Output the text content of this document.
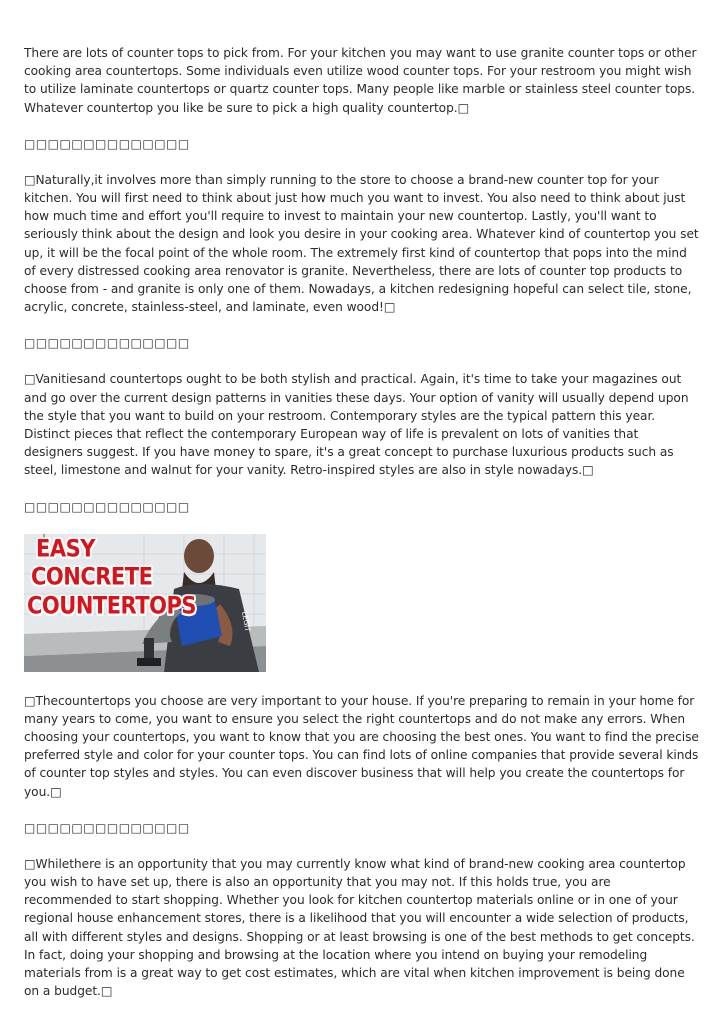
There are lots of counter tops to pick from. For your kitchen you may want to use granite counter tops or other cooking area countertops. Some individuals even utilize wood counter tops. For your restroom you might wish to utilize laminate countertops or quartz counter tops. Many people like marble or stainless steel counter tops. Whatever countertop you like be sure to pick a high quality countertop.□

□□□□□□□□□□□□□□

□Naturally,it involves more than simply running to the store to choose a brand-new counter top for your kitchen. You will first need to think about just how much you want to invest. You also need to think about just how much time and effort you'll require to invest to maintain your new countertop. Lastly, you'll want to seriously think about the design and look you desire in your cooking area. Whatever kind of countertop you set up, it will be the focal point of the whole room. The extremely first kind of countertop that pops into the mind of every distressed cooking area renovator is granite. Nevertheless, there are lots of counter top products to choose from - and granite is only one of them. Nowadays, a kitchen redesigning hopeful can select tile, stone, acrylic, concrete, stainless-steel, and laminate, even wood!□

□□□□□□□□□□□□□□

□Vanitiesand countertops ought to be both stylish and practical. Again, it's time to take your magazines out and go over the current design patterns in vanities these days. Your option of vanity will usually depend upon the style that you want to build on your restroom. Contemporary styles are the typical pattern this year. Distinct pieces that reflect the contemporary European way of life is prevalent on lots of vanities that designers suggest. If you have money to spare, it's a great concept to purchase luxurious products such as steel, limestone and walnut for your vanity. Retro-inspired styles are also in style nowadays.□

□□□□□□□□□□□□□□
LEGIT
EASY
CONCRETE
COUNTERTOPS

□Thecountertops you choose are very important to your house. If you're preparing to remain in your home for many years to come, you want to ensure you select the right countertops and do not make any errors. When choosing your countertops, you want to know that you are choosing the best ones. You want to find the precise preferred style and color for your counter tops. You can find lots of online companies that provide several kinds of counter top styles and styles. You can even discover business that will help you create the countertops for you.□

□□□□□□□□□□□□□□

□Whilethere is an opportunity that you may currently know what kind of brand-new cooking area countertop you wish to have set up, there is also an opportunity that you may not. If this holds true, you are recommended to start shopping. Whether you look for kitchen countertop materials online or in one of your regional house enhancement stores, there is a likelihood that you will encounter a wide selection of products, all with different styles and designs. Shopping or at least browsing is one of the best methods to get concepts. In fact, doing your shopping and browsing at the location where you intend on buying your remodeling materials from is a great way to get cost estimates, which are vital when kitchen improvement is being done on a budget.□
